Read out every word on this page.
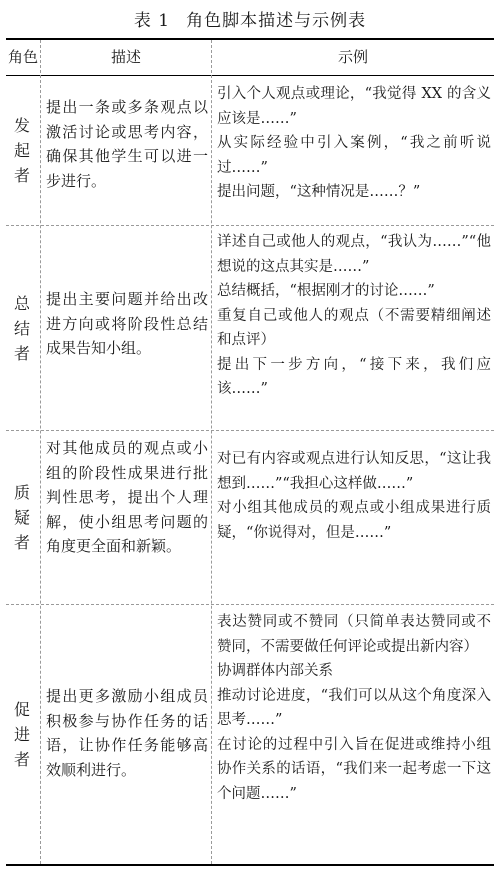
表 1 角色脚本描述与示例表
角色	描述	示例
发
起
者
提出一条或多条观点以激活讨论或思考内容，确保其他学生可以进一步进行。
引入个人观点或理论，“我觉得 XX 的含义应该是……”
从实际经验中引入案例，“我之前听说过……”
提出问题，“这种情况是……？”
总
结
者
提出主要问题并给出改进方向或将阶段性总结成果告知小组。
详述自己或他人的观点，“我认为……”“他想说的这点其实是……”
总结概括，“根据刚才的讨论……”
重复自己或他人的观点（不需要精细阐述和点评）
提出下一步方向，“接下来，我们应该……”
质
疑
者
对其他成员的观点或小组的阶段性成果进行批判性思考，提出个人理解，使小组思考问题的角度更全面和新颖。
对已有内容或观点进行认知反思，“这让我想到……”“我担心这样做……”
对小组其他成员的观点或小组成果进行质疑，“你说得对，但是……”
促
进
者
提出更多激励小组成员积极参与协作任务的话语，让协作任务能够高效顺利进行。
表达赞同或不赞同（只简单表达赞同或不赞同，不需要做任何评论或提出新内容）
协调群体内部关系
推动讨论进度，“我们可以从这个角度深入思考……”
在讨论的过程中引入旨在促进或维持小组协作关系的话语，“我们来一起考虑一下这个问题……”
